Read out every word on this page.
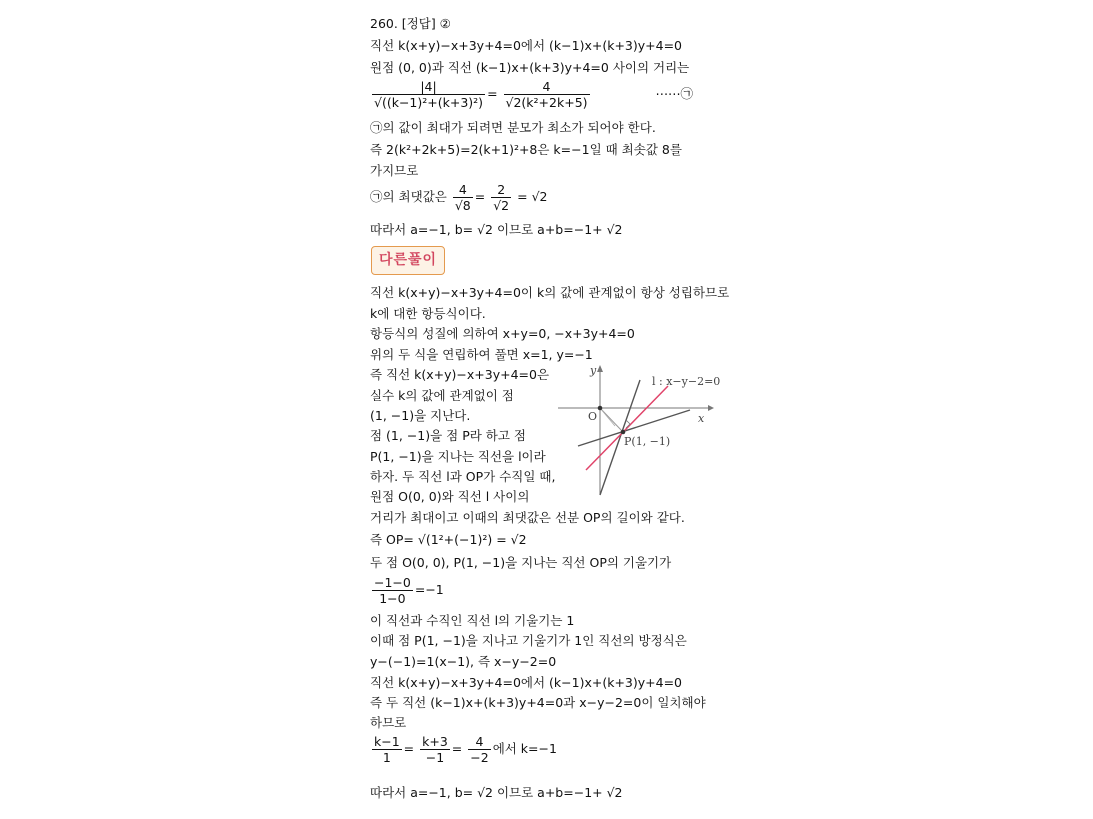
260. [정답] ②
직선 k(x+y)−x+3y+4=0에서 (k−1)x+(k+3)y+4=0
원점 (0, 0)과 직선 (k−1)x+(k+3)y+4=0 사이의 거리는
$\frac{|4|}{\text{√((k−1)²+(k+3)²)}} = \frac{4}{\text{√2(k²+2k+5)}}$	⋯⋯㉠
㉠의 값이 최대가 되려면 분모가 최소가 되어야 한다.
즉 2(k²+2k+5)=2(k+1)²+8은 k=−1일 때 최솟값 8를
가지므로
㉠의 최댓값은 $\frac{4}{√8} = \frac{2}{√2} = √2$
따라서 a=−1, b= √2 이므로 a+b=−1+ √2
다른풀이
직선 k(x+y)−x+3y+4=0이 k의 값에 관계없이 항상 성립하므로
k에 대한 항등식이다.
항등식의 성질에 의하여 x+y=0, −x+3y+4=0
위의 두 식을 연립하여 풀면 x=1, y=−1
즉 직선 k(x+y)−x+3y+4=0은
실수 k의 값에 관계없이 점
(1, −1)을 지난다.
점 (1, −1)을 점 P라 하고 점
P(1, −1)을 지나는 직선을 l이라
하자. 두 직선 l과 OP가 수직일 때,
원점 O(0, 0)와 직선 l 사이의
거리가 최대이고 이때의 최댓값은 선분 OP의 길이와 같다.
즉 OP= √(1²+(−1)²) = √2
두 점 O(0, 0), P(1, −1)을 지나는 직선 OP의 기울기가
$\frac{-1-0}{1-0} =-1$
이 직선과 수직인 직선 l의 기울기는 1
이때 점 P(1, −1)을 지나고 기울기가 1인 직선의 방정식은
y−(−1)=1(x−1), 즉 x−y−2=0
직선 k(x+y)−x+3y+4=0에서 (k−1)x+(k+3)y+4=0
즉 두 직선 (k−1)x+(k+3)y+4=0과 x−y−2=0이 일치해야
하므로
$\frac{k-1}{1} = \frac{k+3}{-1} = \frac{4}{-2}$ 에서 k=−1
따라서 a=−1, b= √2 이므로 a+b=−1+ √2
y
x
O
P(1, −1)
l : x−y−2=0
